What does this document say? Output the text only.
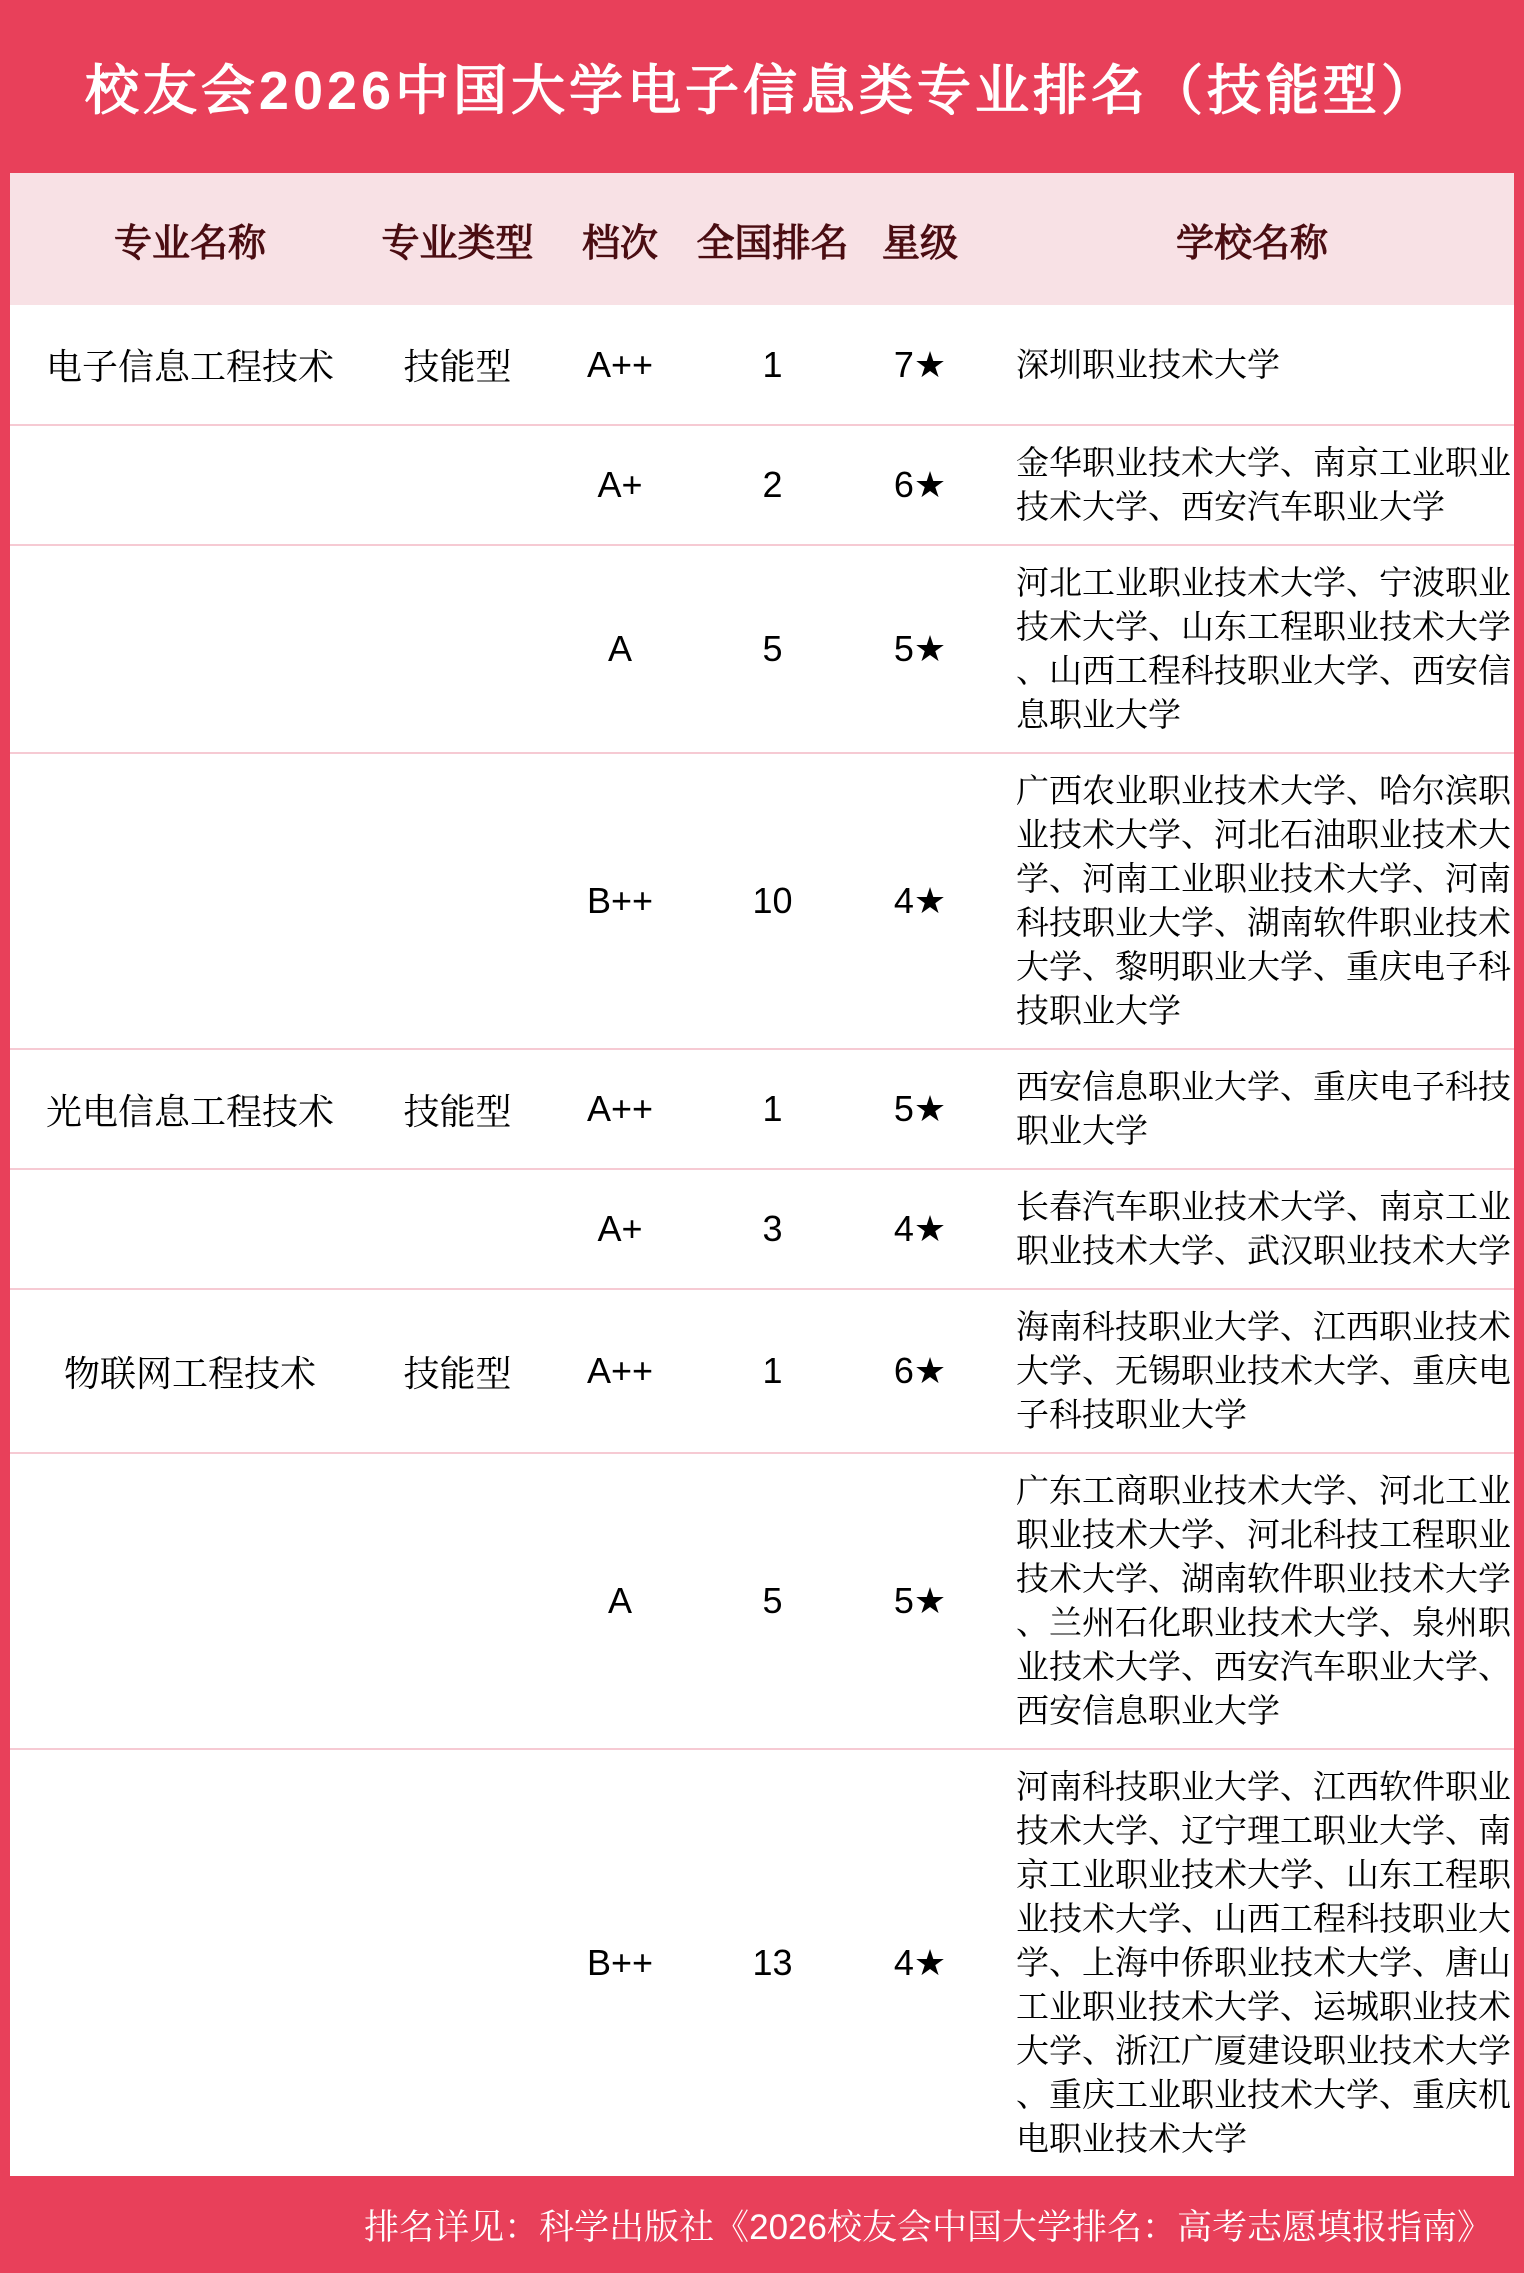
校友会2026中国大学电子信息类专业排名（技能型）
专业名称	专业类型	档次	全国排名	星级	学校名称
电子信息工程技术	技能型	A++	1	7★	深圳职业技术大学
		A+	2	6★	金华职业技术大学、南京工业职业技术大学、西安汽车职业大学
		A	5	5★	河北工业职业技术大学、宁波职业技术大学、山东工程职业技术大学、山西工程科技职业大学、西安信息职业大学
		B++	10	4★	广西农业职业技术大学、哈尔滨职业技术大学、河北石油职业技术大学、河南工业职业技术大学、河南科技职业大学、湖南软件职业技术大学、黎明职业大学、重庆电子科技职业大学
光电信息工程技术	技能型	A++	1	5★	西安信息职业大学、重庆电子科技职业大学
		A+	3	4★	长春汽车职业技术大学、南京工业职业技术大学、武汉职业技术大学
物联网工程技术	技能型	A++	1	6★	海南科技职业大学、江西职业技术大学、无锡职业技术大学、重庆电子科技职业大学
		A	5	5★	广东工商职业技术大学、河北工业职业技术大学、河北科技工程职业技术大学、湖南软件职业技术大学、兰州石化职业技术大学、泉州职业技术大学、西安汽车职业大学、西安信息职业大学
		B++	13	4★	河南科技职业大学、江西软件职业技术大学、辽宁理工职业大学、南京工业职业技术大学、山东工程职业技术大学、山西工程科技职业大学、上海中侨职业技术大学、唐山工业职业技术大学、运城职业技术大学、浙江广厦建设职业技术大学、重庆工业职业技术大学、重庆机电职业技术大学
排名详见：科学出版社《2026校友会中国大学排名：高考志愿填报指南》
